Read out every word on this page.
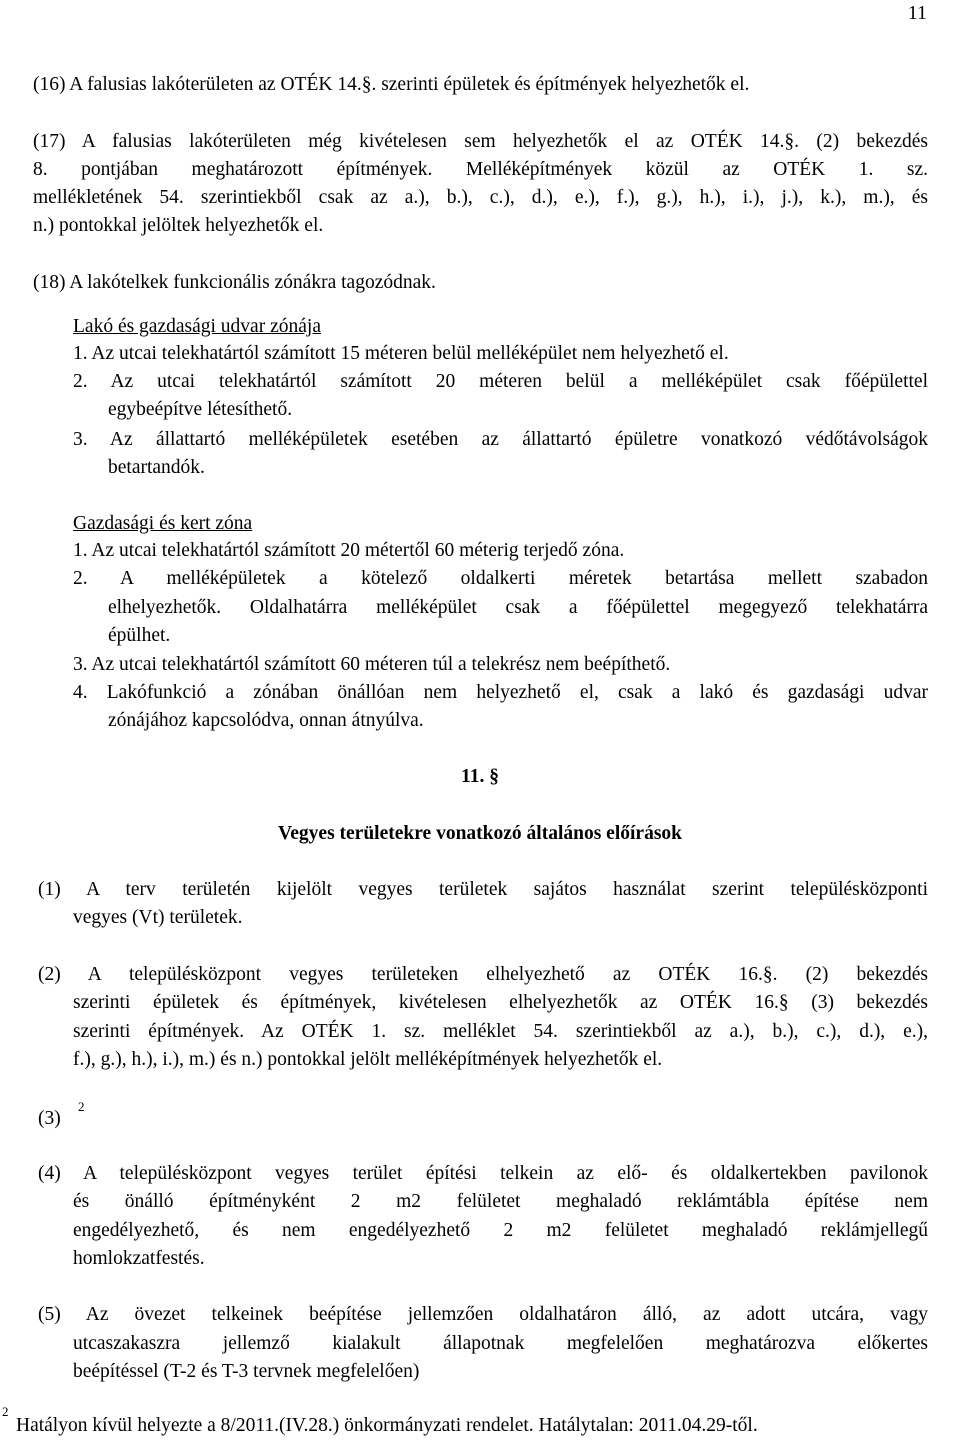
11
(16) A falusias lakóterületen az OTÉK 14.§. szerinti épületek és építmények helyezhetők el.
(17) A falusias lakóterületen még kivételesen sem helyezhetők el az OTÉK 14.§. (2) bekezdés
8. pontjában meghatározott építmények. Melléképítmények közül az OTÉK 1. sz.
mellékletének 54. szerintiekből csak az a.), b.), c.), d.), e.), f.), g.), h.), i.), j.), k.), m.), és
n.) pontokkal jelöltek helyezhetők el.
(18) A lakótelkek funkcionális zónákra tagozódnak.
Lakó és gazdasági udvar zónája
1. Az utcai telekhatártól számított 15 méteren belül melléképület nem helyezhető el.
2. Az utcai telekhatártól számított 20 méteren belül a melléképület csak főépülettel
egybeépítve létesíthető.
3. Az állattartó melléképületek esetében az állattartó épületre vonatkozó védőtávolságok
betartandók.
Gazdasági és kert zóna
1. Az utcai telekhatártól számított 20 métertől 60 méterig terjedő zóna.
2. A melléképületek a kötelező oldalkerti méretek betartása mellett szabadon
elhelyezhetők. Oldalhatárra melléképület csak a főépülettel megegyező telekhatárra
épülhet.
3. Az utcai telekhatártól számított 60 méteren túl a telekrész nem beépíthető.
4. Lakófunkció a zónában önállóan nem helyezhető el, csak a lakó és gazdasági udvar
zónájához kapcsolódva, onnan átnyúlva.
11. §
Vegyes területekre vonatkozó általános előírások
(1) A terv területén kijelölt vegyes területek sajátos használat szerint településközponti
vegyes (Vt) területek.
(2) A településközpont vegyes területeken elhelyezhető az OTÉK 16.§. (2) bekezdés
szerinti épületek és építmények, kivételesen elhelyezhetők az OTÉK 16.§ (3) bekezdés
szerinti építmények. Az OTÉK 1. sz. melléklet 54. szerintiekből az a.), b.), c.), d.), e.),
f.), g.), h.), i.), m.) és n.) pontokkal jelölt melléképítmények helyezhetők el.
(3)
2
(4) A településközpont vegyes terület építési telkein az elő- és oldalkertekben pavilonok
és önálló építményként 2 m2 felületet meghaladó reklámtábla építése nem
engedélyezhető, és nem engedélyezhető 2 m2 felületet meghaladó reklámjellegű
homlokzatfestés.
(5) Az övezet telkeinek beépítése jellemzően oldalhatáron álló, az adott utcára, vagy
utcaszakaszra jellemző kialakult állapotnak megfelelően meghatározva előkertes
beépítéssel (T-2 és T-3 tervnek megfelelően)
2
Hatályon kívül helyezte a 8/2011.(IV.28.) önkormányzati rendelet. Hatálytalan: 2011.04.29-től.
